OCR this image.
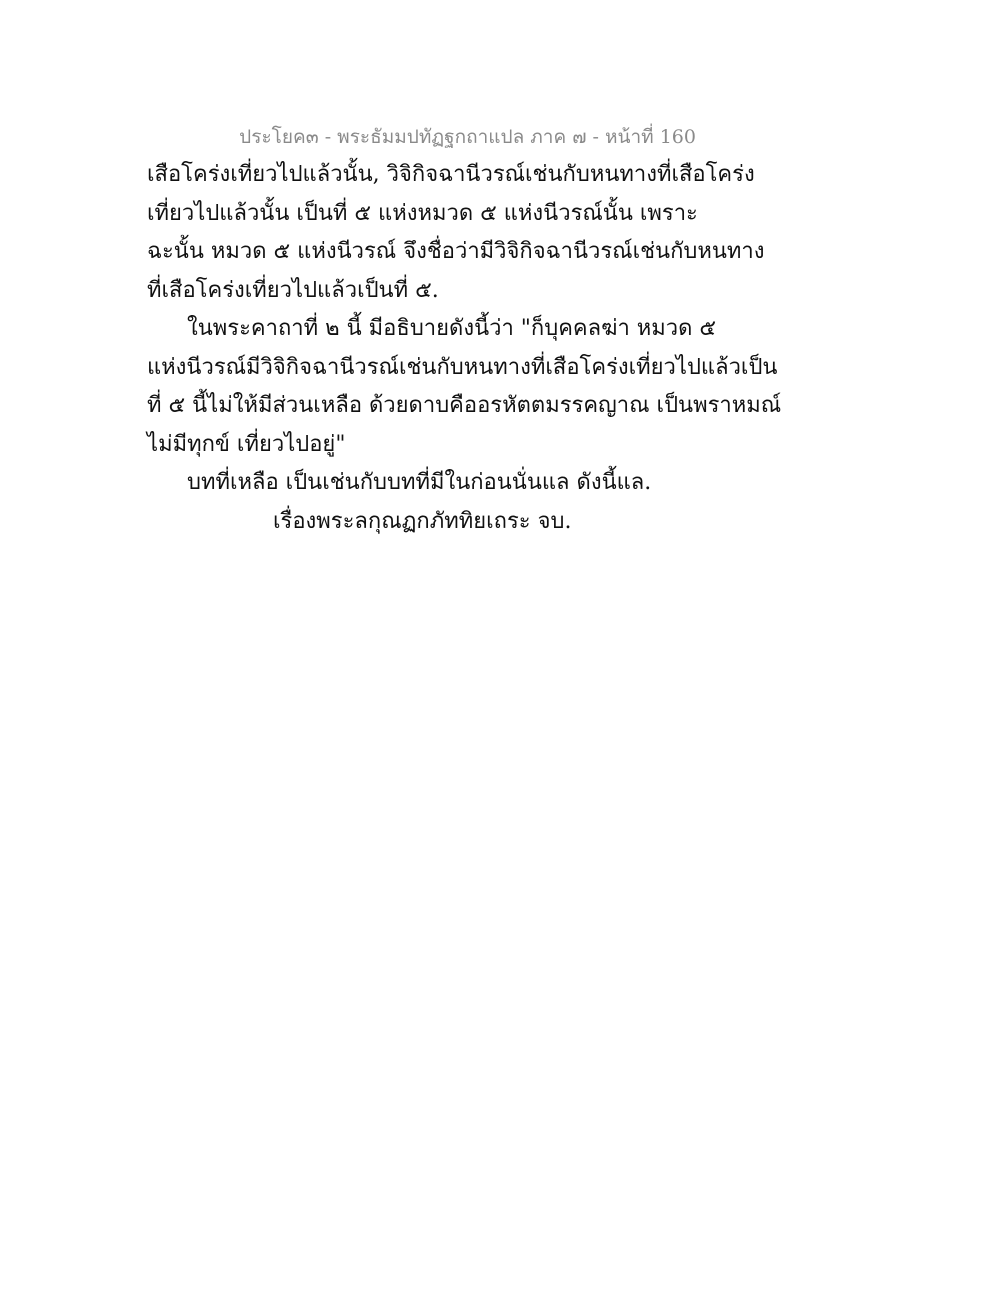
ประโยค๓ - พระธัมมปทัฏฐกถาแปล ภาค ๗ - หน้าที่ 160
เสือโคร่งเที่ยวไปแล้วนั้น, วิจิกิจฉานีวรณ์เช่นกับหนทางที่เสือโคร่ง
เที่ยวไปแล้วนั้น เป็นที่ ๕ แห่งหมวด ๕ แห่งนีวรณ์นั้น เพราะ
ฉะนั้น หมวด ๕ แห่งนีวรณ์ จึงชื่อว่ามีวิจิกิจฉานีวรณ์เช่นกับหนทาง
ที่เสือโคร่งเที่ยวไปแล้วเป็นที่ ๕.
ในพระคาถาที่ ๒ นี้ มีอธิบายดังนี้ว่า "ก็บุคคลฆ่า หมวด ๕
แห่งนีวรณ์มีวิจิกิจฉานีวรณ์เช่นกับหนทางที่เสือโคร่งเที่ยวไปแล้วเป็น
ที่ ๕ นี้ไม่ให้มีส่วนเหลือ ด้วยดาบคืออรหัตตมรรคญาณ เป็นพราหมณ์
ไม่มีทุกข์ เที่ยวไปอยู่"
บทที่เหลือ เป็นเช่นกับบทที่มีในก่อนนั่นแล ดังนี้แล.
เรื่องพระลกุณฏกภัททิยเถระ จบ.
